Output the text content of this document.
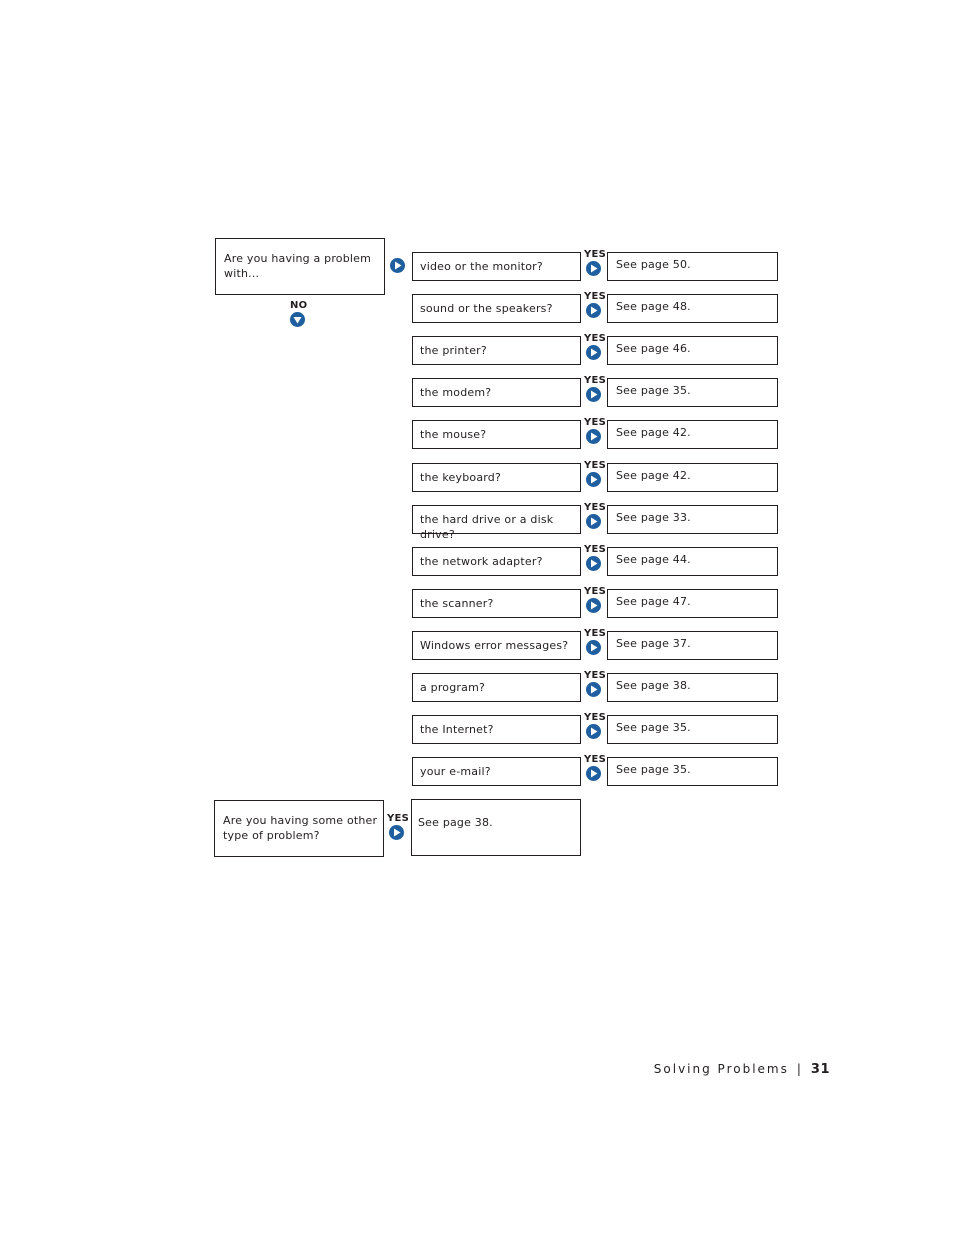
Are you having a problem with...
NO
video or the monitor?
YES
See page 50.
sound or the speakers?
YES
See page 48.
the printer?
YES
See page 46.
the modem?
YES
See page 35.
the mouse?
YES
See page 42.
the keyboard?
YES
See page 42.
the hard drive or a disk drive?
YES
See page 33.
the network adapter?
YES
See page 44.
the scanner?
YES
See page 47.
Windows error messages?
YES
See page 37.
a program?
YES
See page 38.
the Internet?
YES
See page 35.
your e-mail?
YES
See page 35.
Are you having some other type of problem?
YES See page 38.
Solving Problems | 31
